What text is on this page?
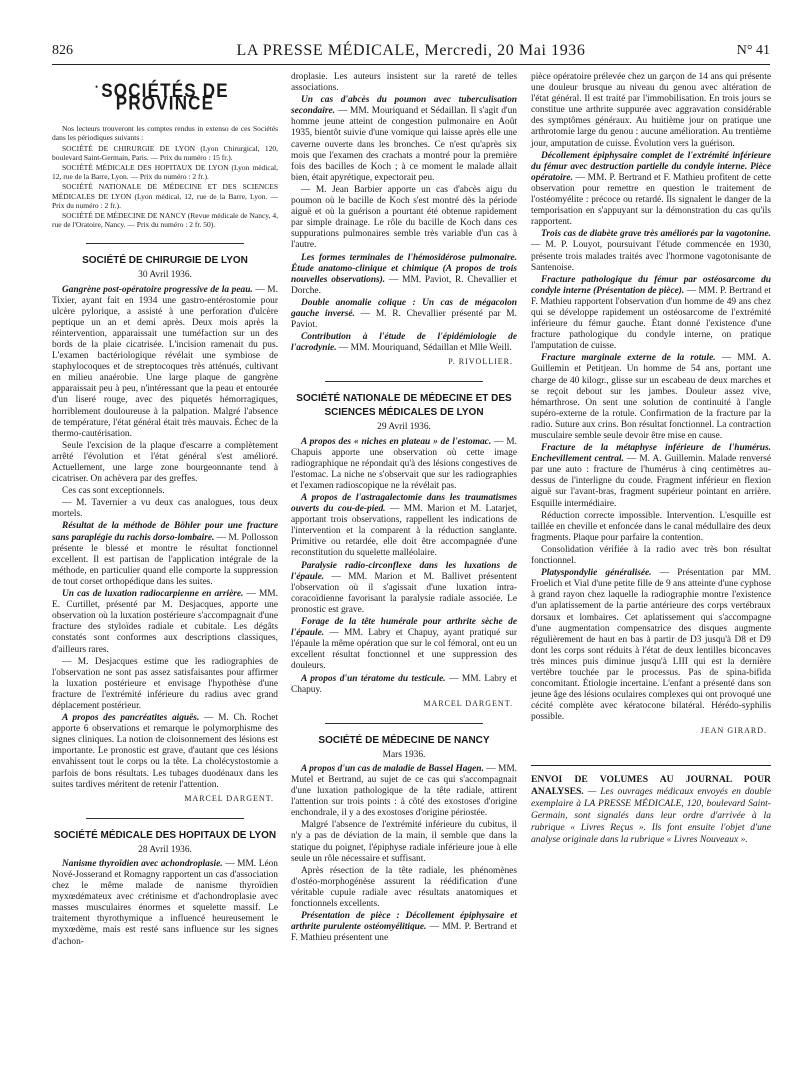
826	LA PRESSE MÉDICALE, Mercredi, 20 Mai 1936	N° 41
• SOCIÉTÉS DE PROVINCE

Nos lecteurs trouveront les comptes rendus in extenso de ces Sociétés dans les périodiques suivants :

SOCIÉTÉ DE CHIRURGIE DE LYON (Lyon Chirurgical, 120, boulevard Saint-Germain, Paris. — Prix du numéro : 15 fr.).

SOCIÉTÉ MÉDICALE DES HOPITAUX DE LYON (Lyon médical, 12, rue de la Barre, Lyon. — Prix du numéro : 2 fr.).

SOCIÉTÉ NATIONALE DE MÉDECINE ET DES SCIENCES MÉDICALES DE LYON (Lyon médical, 12, rue de la Barre, Lyon. — Prix du numéro : 2 fr.).

SOCIÉTÉ DE MÉDECINE DE NANCY (Revue médicale de Nancy, 4, rue de l'Oratoire, Nancy. — Prix du numéro : 2 fr. 50).

SOCIÉTÉ DE CHIRURGIE DE LYON
30 Avril 1936.

Gangrène post-opératoire progressive de la peau. — M. Tixier, ayant fait en 1934 une gastro-entérostomie pour ulcère pylorique, a assisté à une perforation d'ulcère peptique un an et demi après. Deux mois après la réintervention, apparaissait une tuméfaction sur un des bords de la plaie cicatrisée. L'incision ramenait du pus. L'examen bactériologique révélait une symbiose de staphylocoques et de streptocoques très atténués, cultivant en milieu anaérobie. Une large plaque de gangrène apparaissait peu à peu, n'intéressant que la peau et entourée d'un liseré rouge, avec des piquetés hémorragiques, horriblement douloureuse à la palpation. Malgré l'absence de température, l'état général était très mauvais. Échec de la thermo-cautérisation.

Seule l'excision de la plaque d'escarre a complètement arrêté l'évolution et l'état général s'est amélioré. Actuellement, une large zone bourgeonnante tend à cicatriser. On achèvera par des greffes.

Ces cas sont exceptionnels.

— M. Tavernier a vu deux cas analogues, tous deux mortels.

Résultat de la méthode de Böhler pour une fracture sans paraplégie du rachis dorso-lombaire. — M. Pollosson présente le blessé et montre le résultat fonctionnel excellent. Il est partisan de l'application intégrale de la méthode, en particulier quand elle comporte la suppression de tout corset orthopédique dans les suites.

Un cas de luxation radiocarpienne en arrière. — MM. E. Curtillet, présenté par M. Desjacques, apporte une observation où la luxation postérieure s'accompagnait d'une fracture des styloïdes radiale et cubitale. Les dégâts constatés sont conformes aux descriptions classiques, d'ailleurs rares.

— M. Desjacques estime que les radiographies de l'observation ne sont pas assez satisfaisantes pour affirmer la luxation postérieure et envisage l'hypothèse d'une fracture de l'extrémité inférieure du radius avec grand déplacement postérieur.

A propos des pancréatites aiguës. — M. Ch. Rochet apporte 6 observations et remarque le polymorphisme des signes cliniques. La notion de cloisonnement des lésions est importante. Le pronostic est grave, d'autant que ces lésions envahissent tout le corps ou la tête. La cholécystostomie a parfois de bons résultats. Les tubages duodénaux dans les suites tardives méritent de retenir l'attention.

MARCEL DARGENT.
SOCIÉTÉ MÉDICALE DES HOPITAUX DE LYON
28 Avril 1936.

Nanisme thyroïdien avec achondroplasie. — MM. Léon Nové-Josserand et Romagny rapportent un cas d'association chez le même malade de nanisme thyroïdien myxœdémateux avec crétinisme et d'achondroplasie avec masses musculaires énormes et squelette massif. Le traitement thyrothymique a influencé heureusement le myxœdème, mais est resté sans influence sur les signes d'achon-

droplasie. Les auteurs insistent sur la rareté de telles associations.

Un cas d'abcès du poumon avec tuberculisation secondaire. — MM. Mouriquand et Sédaillan. Il s'agit d'un homme jeune atteint de congestion pulmonaire en Août 1935, bientôt suivie d'une vomique qui laisse après elle une caverne ouverte dans les bronches. Ce n'est qu'après six mois que l'examen des crachats a montré pour la première fois des bacilles de Koch ; à ce moment le malade allait bien, était apyrétique, expectorait peu.

— M. Jean Barbier apporte un cas d'abcès aigu du poumon où le bacille de Koch s'est montré dès la période aiguë et où la guérison a pourtant été obtenue rapidement par simple drainage. Le rôle du bacille de Koch dans ces suppurations pulmonaires semble très variable d'un cas à l'autre.

Les formes terminales de l'hémosidérose pulmonaire. Étude anatomo-clinique et chimique (A propos de trois nouvelles observations). — MM. Paviot, R. Chevallier et Dorche.

Double anomalie colique : Un cas de mégacolon gauche inversé. — M. R. Chevallier présenté par M. Paviot.

Contribution à l'étude de l'épidémiologie de l'acrodynie. — MM. Mouriquand, Sédaillan et Mlle Weill.

P. RIVOLLIER.
SOCIÉTÉ NATIONALE DE MÉDECINE ET DES SCIENCES MÉDICALES DE LYON
29 Avril 1936.

A propos des « niches en plateau » de l'estomac. — M. Chapuis apporte une observation où cette image radiographique ne répondait qu'à des lésions congestives de l'estomac. La niche ne s'observait que sur les radiographies et l'examen radioscopique ne la révélait pas.

A propos de l'astragalectomie dans les traumatismes ouverts du cou-de-pied. — MM. Marion et M. Latarjet, apportant trois observations, rappellent les indications de l'intervention et la comparent à la réduction sanglante. Primitive ou retardée, elle doit être accompagnée d'une reconstitution du squelette malléolaire.

Paralysie radio-circonflexe dans les luxations de l'épaule. — MM. Marion et M. Ballivet présentent l'observation où il s'agissait d'une luxation intra-coracoïdienne favorisant la paralysie radiale associée. Le pronostic est grave.

Forage de la tête humérale pour arthrite sèche de l'épaule. — MM. Labry et Chapuy, ayant pratiqué sur l'épaule la même opération que sur le col fémoral, ont eu un excellent résultat fonctionnel et une suppression des douleurs.

A propos d'un tératome du testicule. — MM. Labry et Chapuy.

MARCEL DARGENT.
SOCIÉTÉ DE MÉDECINE DE NANCY
Mars 1936.

A propos d'un cas de maladie de Bassel Hagen. — MM. Mutel et Bertrand, au sujet de ce cas qui s'accompagnait d'une luxation pathologique de la tête radiale, attirent l'attention sur trois points : à côté des exostoses d'origine enchondrale, il y a des exostoses d'origine périostée.

Malgré l'absence de l'extrémité inférieure du cubitus, il n'y a pas de déviation de la main, il semble que dans la statique du poignet, l'épiphyse radiale inférieure joue à elle seule un rôle nécessaire et suffisant.

Après résection de la tête radiale, les phénomènes d'ostéo-morphogénèse assurent la réédification d'une véritable cupule radiale avec résultats anatomiques et fonctionnels excellents.

Présentation de pièce : Décollement épiphysaire et arthrite purulente ostéomyélitique. — MM. P. Bertrand et F. Mathieu présentent une

pièce opératoire prélevée chez un garçon de 14 ans qui présente une douleur brusque au niveau du genou avec altération de l'état général. Il est traité par l'immobilisation. En trois jours se constitue une arthrite suppurée avec aggravation considérable des symptômes généraux. Au huitième jour on pratique une arthrotomie large du genou : aucune amélioration. Au trentième jour, amputation de cuisse. Évolution vers la guérison.

Décollement épiphysaire complet de l'extrémité inférieure du fémur avec destruction partielle du condyle interne. Pièce opératoire. — MM. P. Bertrand et F. Mathieu profitent de cette observation pour remettre en question le traitement de l'ostéomyélite : précoce ou retardé. Ils signalent le danger de la temporisation en s'appuyant sur la démonstration du cas qu'ils rapportent.

Trois cas de diabète grave très améliorés par la vagotonine. — M. P. Louyot, poursuivant l'étude commencée en 1930, présente trois malades traités avec l'hormone vagotonisante de Santenoise.

Fracture pathologique du fémur par ostéosarcome du condyle interne (Présentation de pièce). — MM. P. Bertrand et F. Mathieu rapportent l'observation d'un homme de 49 ans chez qui se développe rapidement un ostéosarcome de l'extrémité inférieure du fémur gauche. Étant donné l'existence d'une fracture pathologique du condyle interne, on pratique l'amputation de cuisse.

Fracture marginale externe de la rotule. — MM. A. Guillemin et Petitjean. Un homme de 54 ans, portant une charge de 40 kilogr., glisse sur un escabeau de deux marches et se reçoit debout sur les jambes. Douleur assez vive, hémarthrose. On sent une solution de continuité à l'angle supéro-externe de la rotule. Confirmation de la fracture par la radio. Suture aux crins. Bon résultat fonctionnel. La contraction musculaire semble seule devoir être mise en cause.

Fracture de la métaphyse inférieure de l'humérus. Enchevillement central. — M. A. Guillemin. Malade renversé par une auto : fracture de l'humérus à cinq centimètres au-dessus de l'interligne du coude. Fragment inférieur en flexion aiguë sur l'avant-bras, fragment supérieur pointant en arrière. Esquille intermédiaire.

Réduction correcte impossible. Intervention. L'esquille est taillée en cheville et enfoncée dans le canal médullaire des deux fragments. Plaque pour parfaire la contention.

Consolidation vérifiée à la radio avec très bon résultat fonctionnel.

Platyspondylie généralisée. — Présentation par MM. Froelich et Vial d'une petite fille de 9 ans atteinte d'une cyphose à grand rayon chez laquelle la radiographie montre l'existence d'un aplatissement de la partie antérieure des corps vertébraux dorsaux et lombaires. Cet aplatissement qui s'accompagne d'une augmentation compensatrice des disques augmente régulièrement de haut en bas à partir de D3 jusqu'à D8 et D9 dont les corps sont réduits à l'état de deux lentilles biconcaves très minces puis diminue jusqu'à LIII qui est la dernière vertèbre touchée par le processus. Pas de spina-bifida concomitant. Étiologie incertaine. L'enfant a présenté dans son jeune âge des lésions oculaires complexes qui ont provoqué une cécité complète avec kératocone bilatéral. Hérédo-syphilis possible.

JEAN GIRARD.
ENVOI DE VOLUMES AU JOURNAL POUR ANALYSES. — Les ouvrages médicaux envoyés en double exemplaire à LA PRESSE MÉDICALE, 120, boulevard Saint-Germain, sont signalés dans leur ordre d'arrivée à la rubrique « Livres Reçus ». Ils font ensuite l'objet d'une analyse originale dans la rubrique « Livres Nouveaux ».
